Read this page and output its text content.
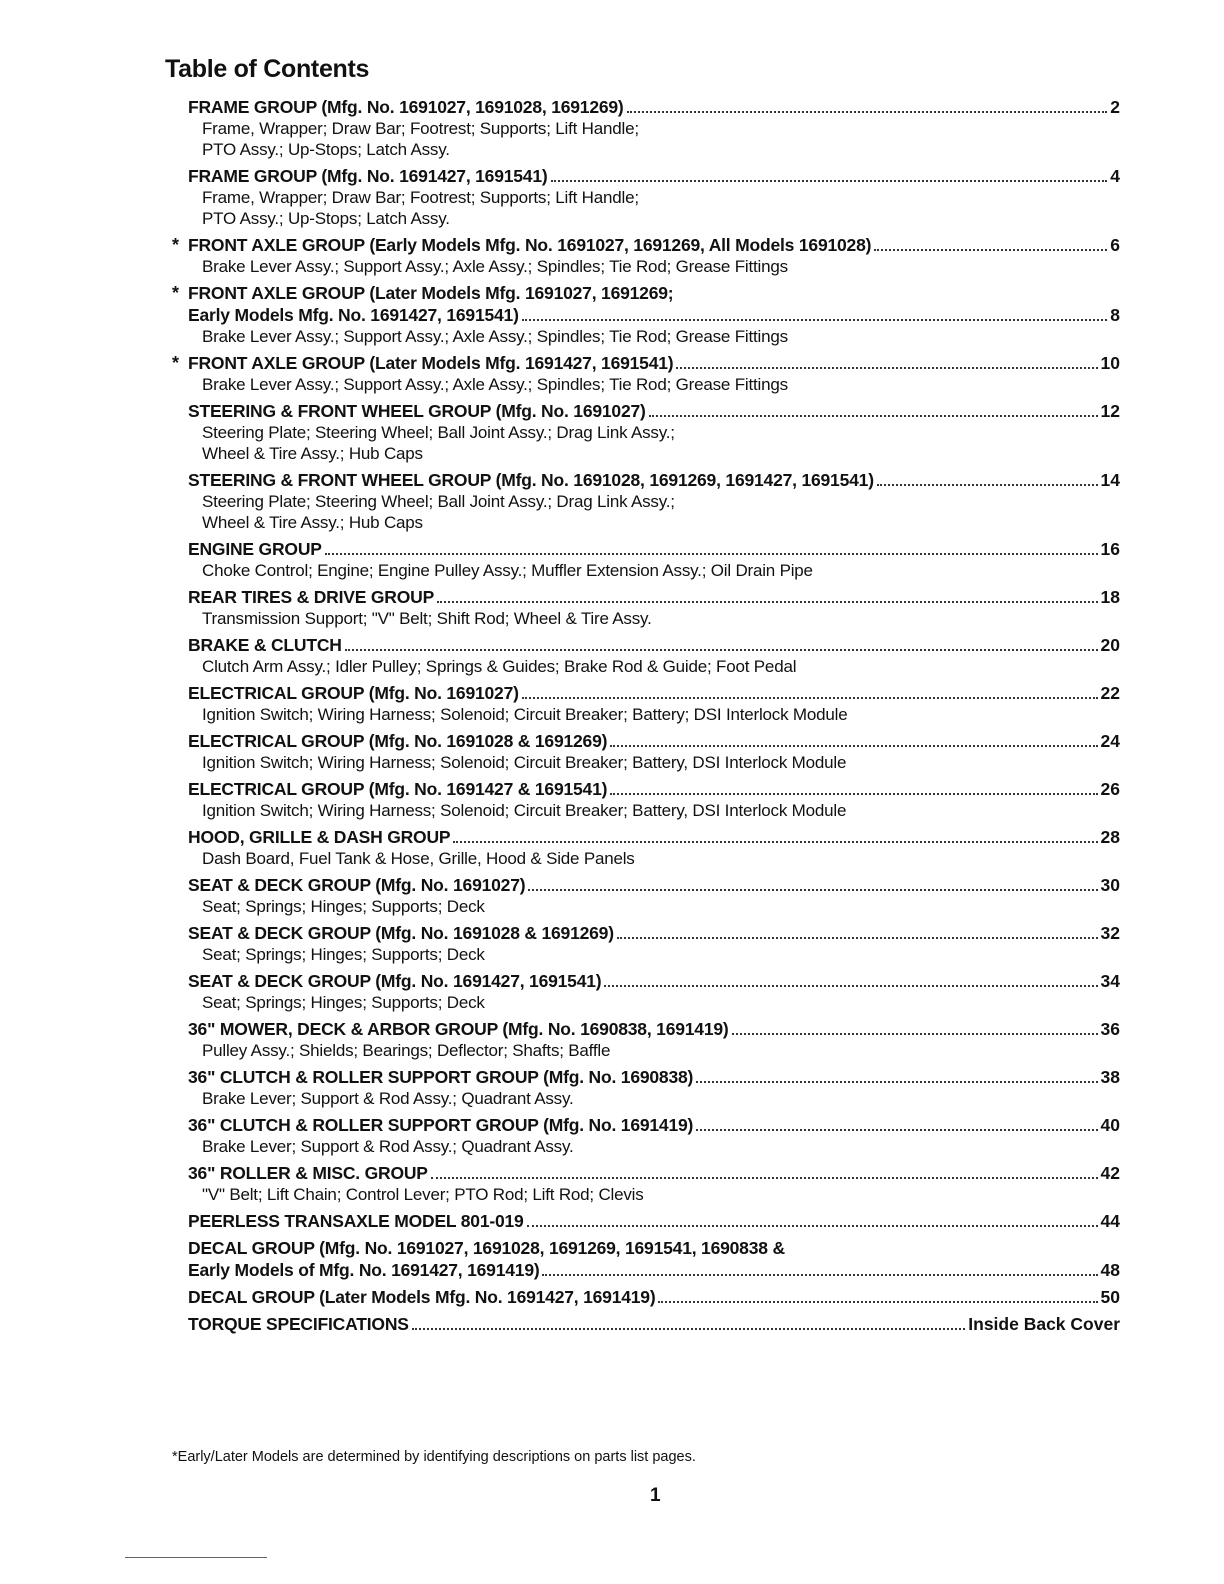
Table of Contents
FRAME GROUP (Mfg. No. 1691027, 1691028, 1691269)	2
Frame, Wrapper; Draw Bar; Footrest; Supports; Lift Handle;
PTO Assy.; Up-Stops; Latch Assy.
FRAME GROUP (Mfg. No. 1691427, 1691541)	4
Frame, Wrapper; Draw Bar; Footrest; Supports; Lift Handle;
PTO Assy.; Up-Stops; Latch Assy.
* FRONT AXLE GROUP (Early Models Mfg. No. 1691027, 1691269, All Models 1691028)	6
Brake Lever Assy.; Support Assy.; Axle Assy.; Spindles; Tie Rod; Grease Fittings
* FRONT AXLE GROUP (Later Models Mfg. 1691027, 1691269;
Early Models Mfg. No. 1691427, 1691541)	8
Brake Lever Assy.; Support Assy.; Axle Assy.; Spindles; Tie Rod; Grease Fittings
* FRONT AXLE GROUP (Later Models Mfg. 1691427, 1691541)	10
Brake Lever Assy.; Support Assy.; Axle Assy.; Spindles; Tie Rod; Grease Fittings
STEERING & FRONT WHEEL GROUP (Mfg. No. 1691027)	12
Steering Plate; Steering Wheel; Ball Joint Assy.; Drag Link Assy.;
Wheel & Tire Assy.; Hub Caps
STEERING & FRONT WHEEL GROUP (Mfg. No. 1691028, 1691269, 1691427, 1691541)	14
Steering Plate; Steering Wheel; Ball Joint Assy.; Drag Link Assy.;
Wheel & Tire Assy.; Hub Caps
ENGINE GROUP	16
Choke Control; Engine; Engine Pulley Assy.; Muffler Extension Assy.; Oil Drain Pipe
REAR TIRES & DRIVE GROUP	18
Transmission Support; "V" Belt; Shift Rod; Wheel & Tire Assy.
BRAKE & CLUTCH	20
Clutch Arm Assy.; Idler Pulley; Springs & Guides; Brake Rod & Guide; Foot Pedal
ELECTRICAL GROUP (Mfg. No. 1691027)	22
Ignition Switch; Wiring Harness; Solenoid; Circuit Breaker; Battery; DSI Interlock Module
ELECTRICAL GROUP (Mfg. No. 1691028 & 1691269)	24
Ignition Switch; Wiring Harness; Solenoid; Circuit Breaker; Battery, DSI Interlock Module
ELECTRICAL GROUP (Mfg. No. 1691427 & 1691541)	26
Ignition Switch; Wiring Harness; Solenoid; Circuit Breaker; Battery, DSI Interlock Module
HOOD, GRILLE & DASH GROUP	28
Dash Board, Fuel Tank & Hose, Grille, Hood & Side Panels
SEAT & DECK GROUP (Mfg. No. 1691027)	30
Seat; Springs; Hinges; Supports; Deck
SEAT & DECK GROUP (Mfg. No. 1691028 & 1691269)	32
Seat; Springs; Hinges; Supports; Deck
SEAT & DECK GROUP (Mfg. No. 1691427, 1691541)	34
Seat; Springs; Hinges; Supports; Deck
36" MOWER, DECK & ARBOR GROUP (Mfg. No. 1690838, 1691419)	36
Pulley Assy.; Shields; Bearings; Deflector; Shafts; Baffle
36" CLUTCH & ROLLER SUPPORT GROUP (Mfg. No. 1690838)	38
Brake Lever; Support & Rod Assy.; Quadrant Assy.
36" CLUTCH & ROLLER SUPPORT GROUP (Mfg. No. 1691419)	40
Brake Lever; Support & Rod Assy.; Quadrant Assy.
36" ROLLER & MISC. GROUP	42
"V" Belt; Lift Chain; Control Lever; PTO Rod; Lift Rod; Clevis
PEERLESS TRANSAXLE MODEL 801-019	44
DECAL GROUP (Mfg. No. 1691027, 1691028, 1691269, 1691541, 1690838 &
Early Models of Mfg. No. 1691427, 1691419)	48
DECAL GROUP (Later Models Mfg. No. 1691427, 1691419)	50
TORQUE SPECIFICATIONS	Inside Back Cover
*Early/Later Models are determined by identifying descriptions on parts list pages.
1
